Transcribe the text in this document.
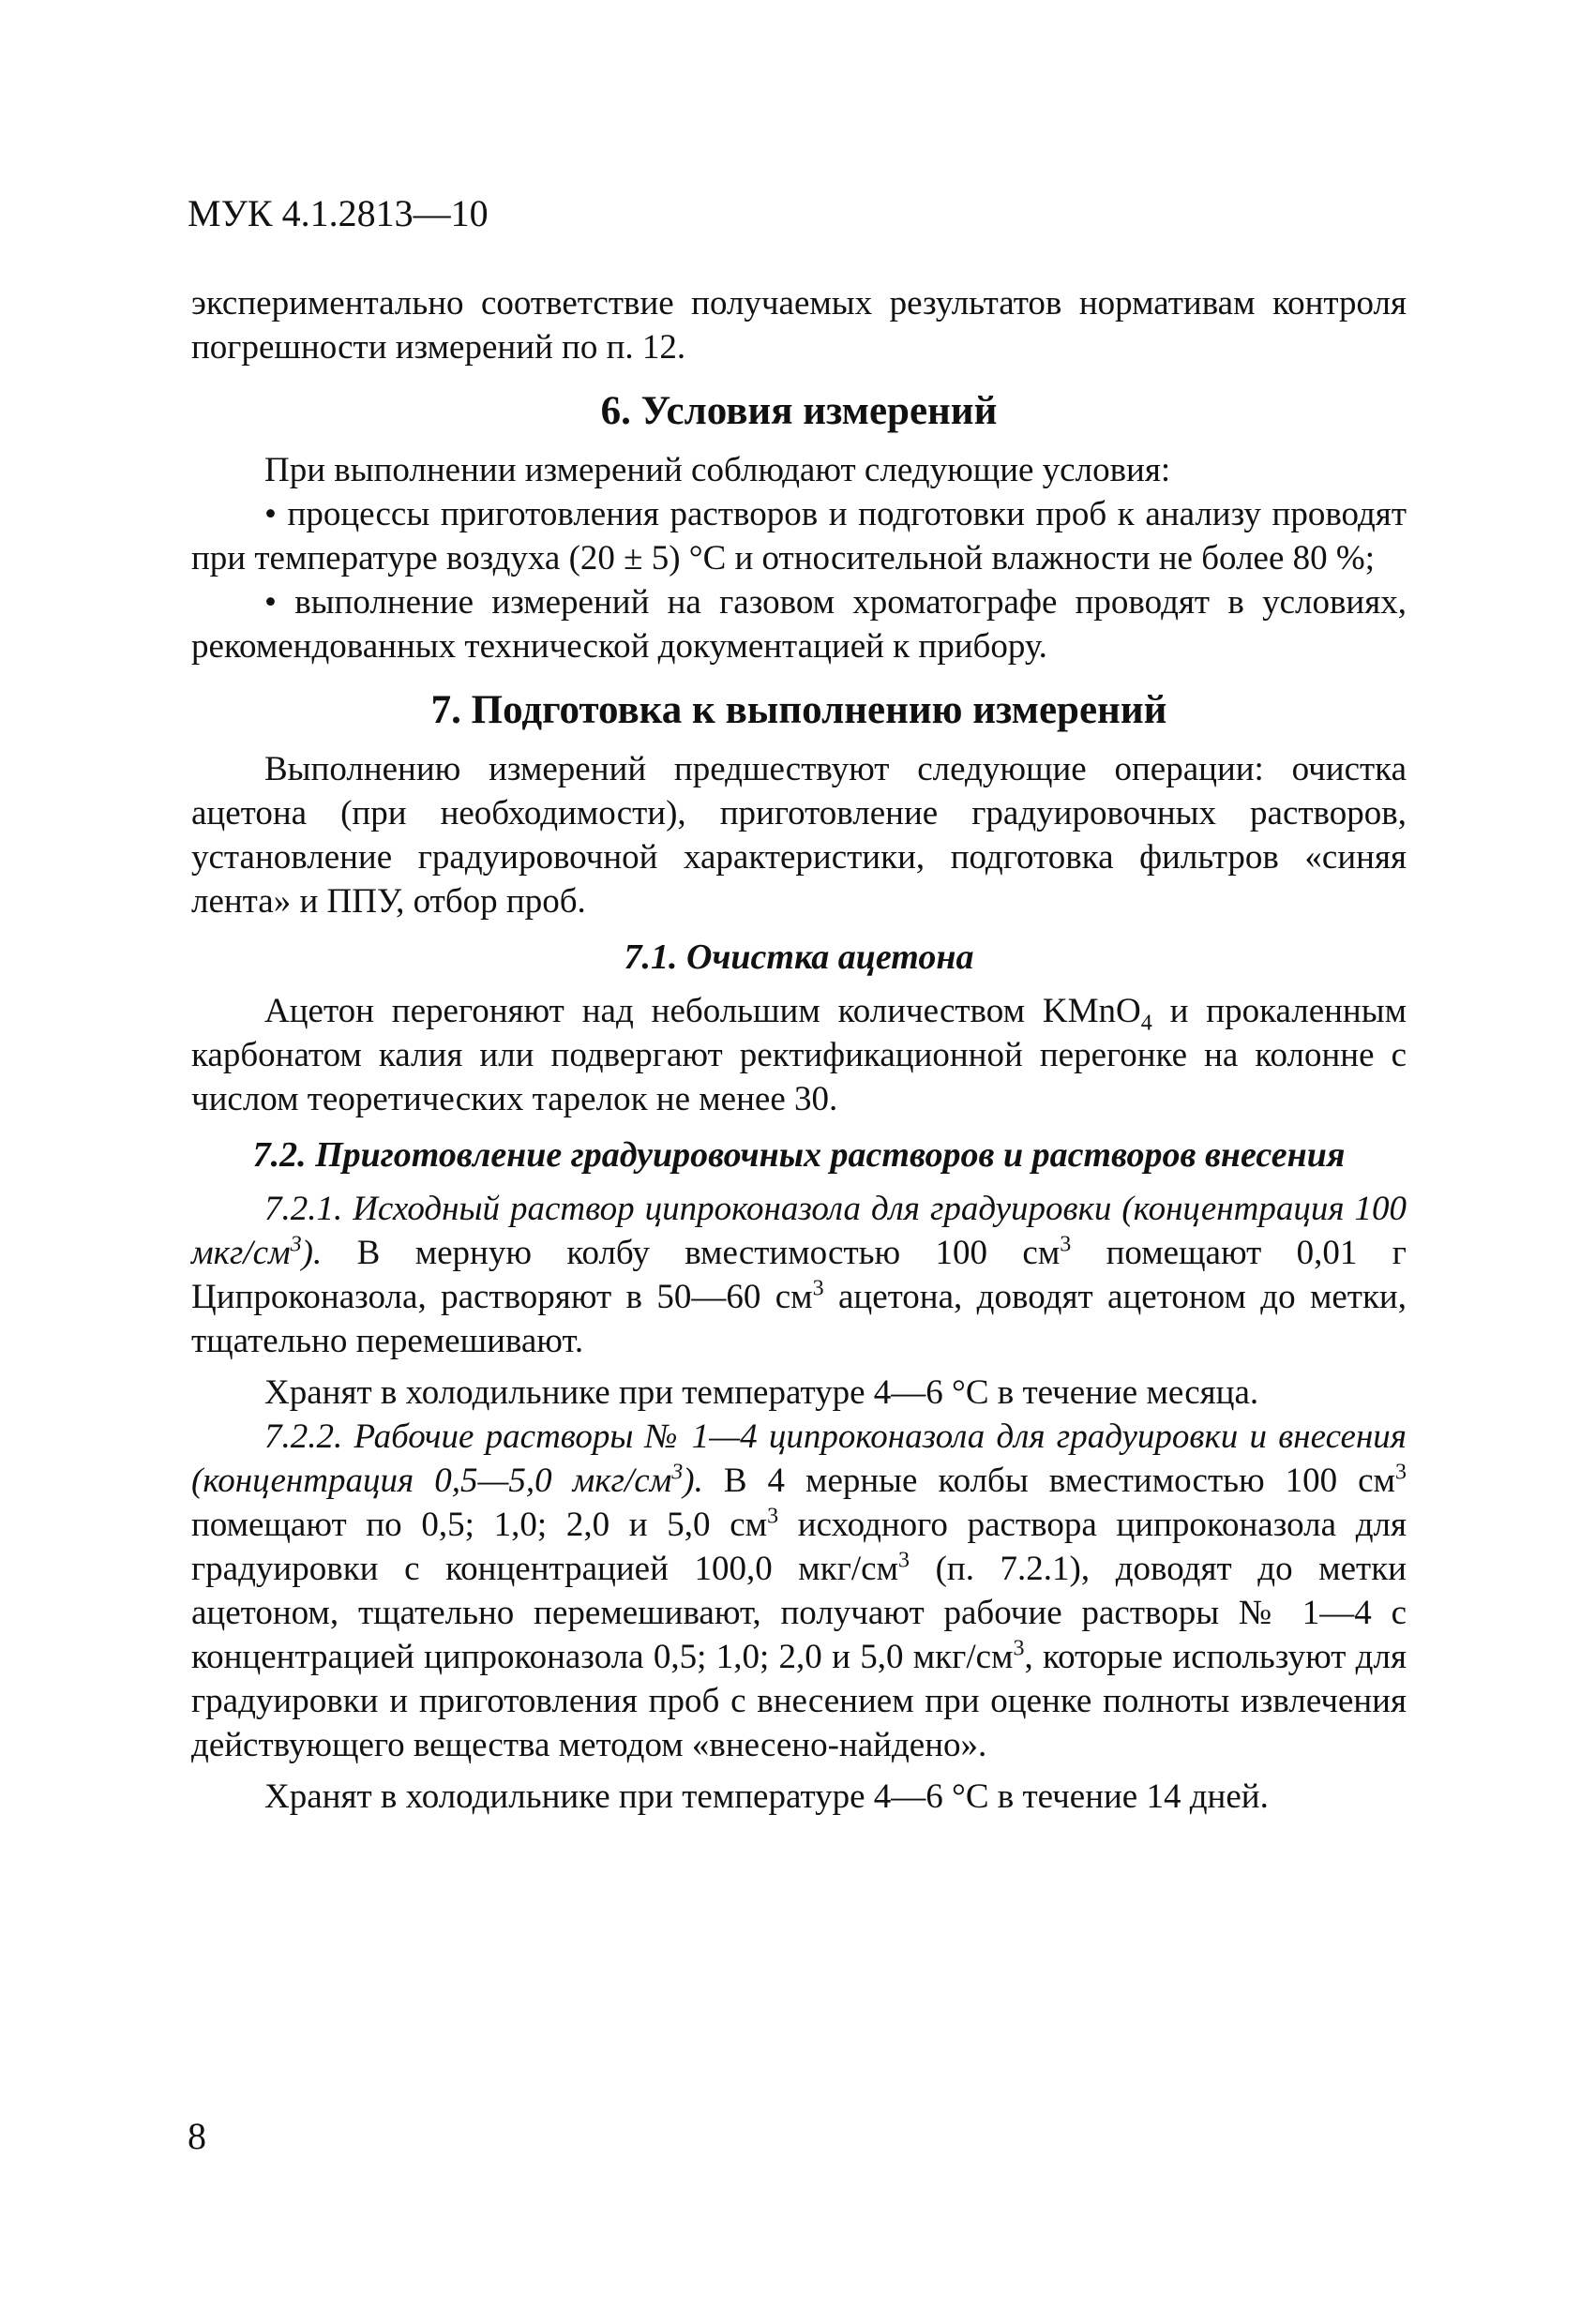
МУК 4.1.2813—10

экспериментально соответствие получаемых результатов нормативам контроля погрешности измерений по п. 12.

6. Условия измерений

При выполнении измерений соблюдают следующие условия:

• процессы приготовления растворов и подготовки проб к анализу проводят при температуре воздуха (20 ± 5) °С и относительной влажности не более 80 %;

• выполнение измерений на газовом хроматографе проводят в условиях, рекомендованных технической документацией к прибору.

7. Подготовка к выполнению измерений

Выполнению измерений предшествуют следующие операции: очистка ацетона (при необходимости), приготовление градуировочных растворов, установление градуировочной характеристики, подготовка фильтров «синяя лента» и ППУ, отбор проб.

7.1. Очистка ацетона

Ацетон перегоняют над небольшим количеством KMnO$_4$ и прокаленным карбонатом калия или подвергают ректификационной перегонке на колонне с числом теоретических тарелок не менее 30.

7.2. Приготовление градуировочных растворов и растворов внесения

7.2.1. Исходный раствор ципроконазола для градуировки (концентрация 100 мкг/$см^3$). В мерную колбу вместимостью 100 $см^3$ помещают 0,01 г Ципроконазола, растворяют в 50—60 $см^3$ ацетона, доводят ацетоном до метки, тщательно перемешивают.

Хранят в холодильнике при температуре 4—6 °С в течение месяца.

7.2.2. Рабочие растворы № 1—4 ципроконазола для градуировки и внесения (концентрация 0,5—5,0 мкг/$см^3$). В 4 мерные колбы вместимостью 100 $см^3$ помещают по 0,5; 1,0; 2,0 и 5,0 $см^3$ исходного раствора ципроконазола для градуировки с концентрацией 100,0 мкг/$см^3$ (п. 7.2.1), доводят до метки ацетоном, тщательно перемешивают, получают рабочие растворы № 1—4 с концентрацией ципроконазола 0,5; 1,0; 2,0 и 5,0 мкг/$см^3$, которые используют для градуировки и приготовления проб с внесением при оценке полноты извлечения действующего вещества методом «внесено-найдено».

Хранят в холодильнике при температуре 4—6 °С в течение 14 дней.

8
